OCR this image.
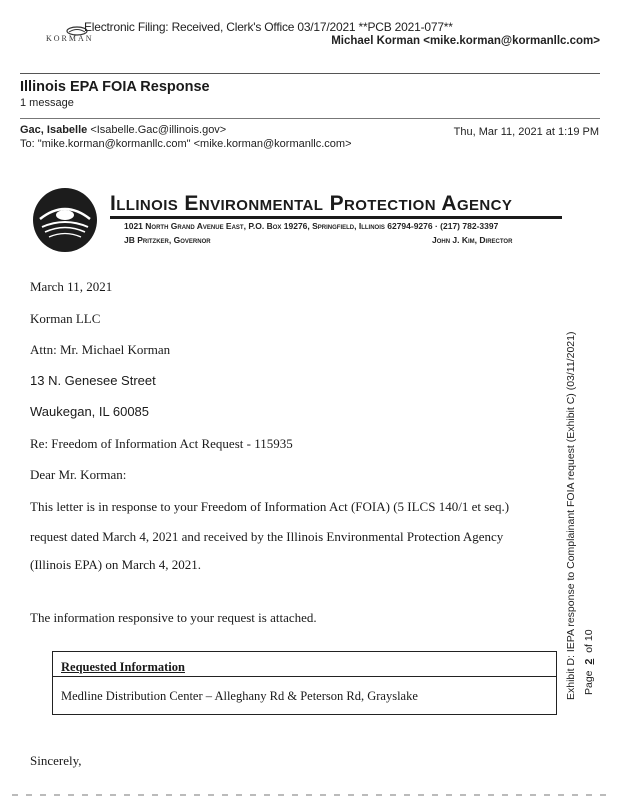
KORMAN
Electronic Filing: Received, Clerk's Office 03/17/2021 **PCB 2021-077**
Michael Korman <mike.korman@kormanllc.com>
Illinois EPA FOIA Response
1 message
Gac, Isabelle <Isabelle.Gac@illinois.gov>	Thu, Mar 11, 2021 at 1:19 PM
To: "mike.korman@kormanllc.com" <mike.korman@kormanllc.com>
Illinois Environmental Protection Agency
1021 North Grand Avenue East, P.O. Box 19276, Springfield, Illinois 62794-9276 · (217) 782-3397
JB Pritzker, Governor	John J. Kim, Director
March 11, 2021
Korman LLC
Attn: Mr. Michael Korman
13 N. Genesee Street
Waukegan, IL 60085
Re: Freedom of Information Act Request - 115935
Dear Mr. Korman:
This letter is in response to your Freedom of Information Act (FOIA) (5 ILCS 140/1 et seq.)
request dated March 4, 2021 and received by the Illinois Environmental Protection Agency
(Illinois EPA) on March 4, 2021.
The information responsive to your request is attached.
Requested Information
Medline Distribution Center – Alleghany Rd & Peterson Rd, Grayslake
Sincerely,
Exhibit D: IEPA response to Complainant FOIA request (Exhibit C) (03/11/2021) Page 2 of 10
